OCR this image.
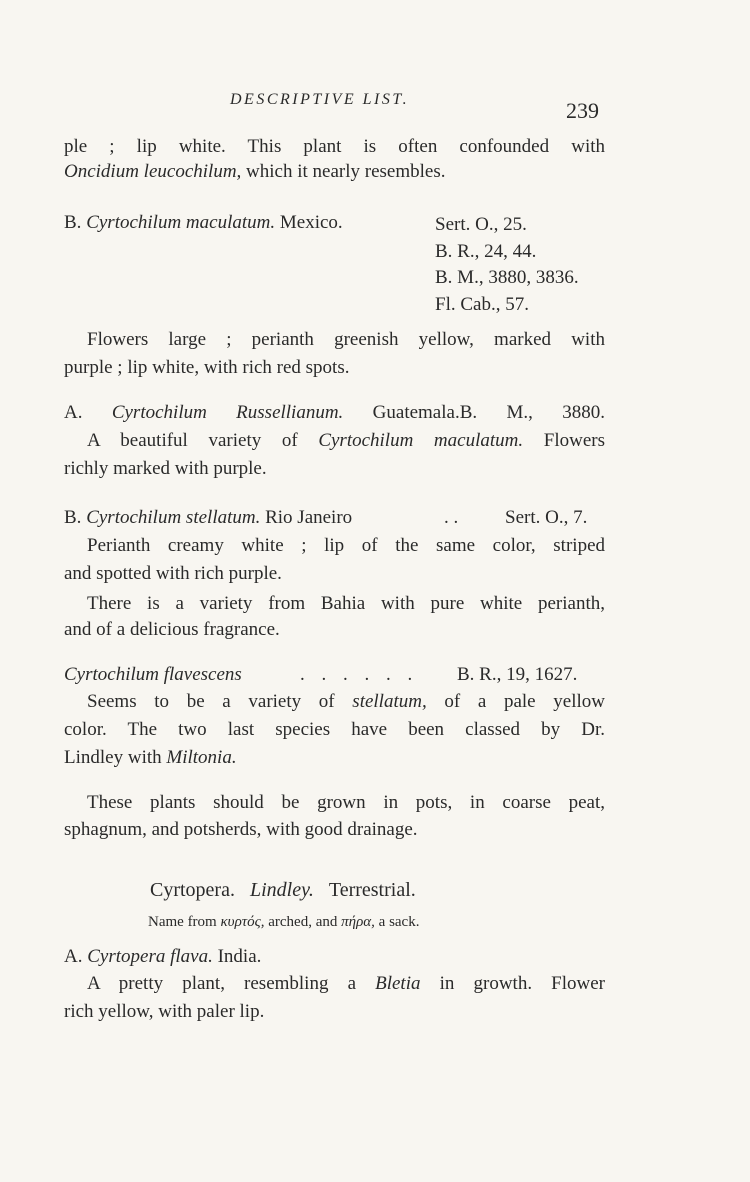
DESCRIPTIVE LIST.	239
ple ; lip white. This plant is often confounded with
Oncidium leucochilum, which it nearly resembles.
B. Cyrtochilum maculatum. Mexico.	Sert. O., 25.
B. R., 24, 44.
B. M., 3880, 3836.
Fl. Cab., 57.
Flowers large ; perianth greenish yellow, marked with
purple ; lip white, with rich red spots.
A. Cyrtochilum Russellianum. Guatemala.B. M., 3880.
A beautiful variety of Cyrtochilum maculatum. Flowers
richly marked with purple.
B. Cyrtochilum stellatum. Rio Janeiro	. . Sert. O., 7.
Perianth creamy white ; lip of the same color, striped
and spotted with rich purple.
There is a variety from Bahia with pure white perianth,
and of a delicious fragrance.
Cyrtochilum flavescens	. . . . . . B. R., 19, 1627.
Seems to be a variety of stellatum, of a pale yellow
color. The two last species have been classed by Dr.
Lindley with Miltonia.
These plants should be grown in pots, in coarse peat,
sphagnum, and potsherds, with good drainage.
Cyrtopera. Lindley. Terrestrial.
Name from κυρτός, arched, and πήρα, a sack.
A. Cyrtopera flava. India.
A pretty plant, resembling a Bletia in growth. Flower
rich yellow, with paler lip.
